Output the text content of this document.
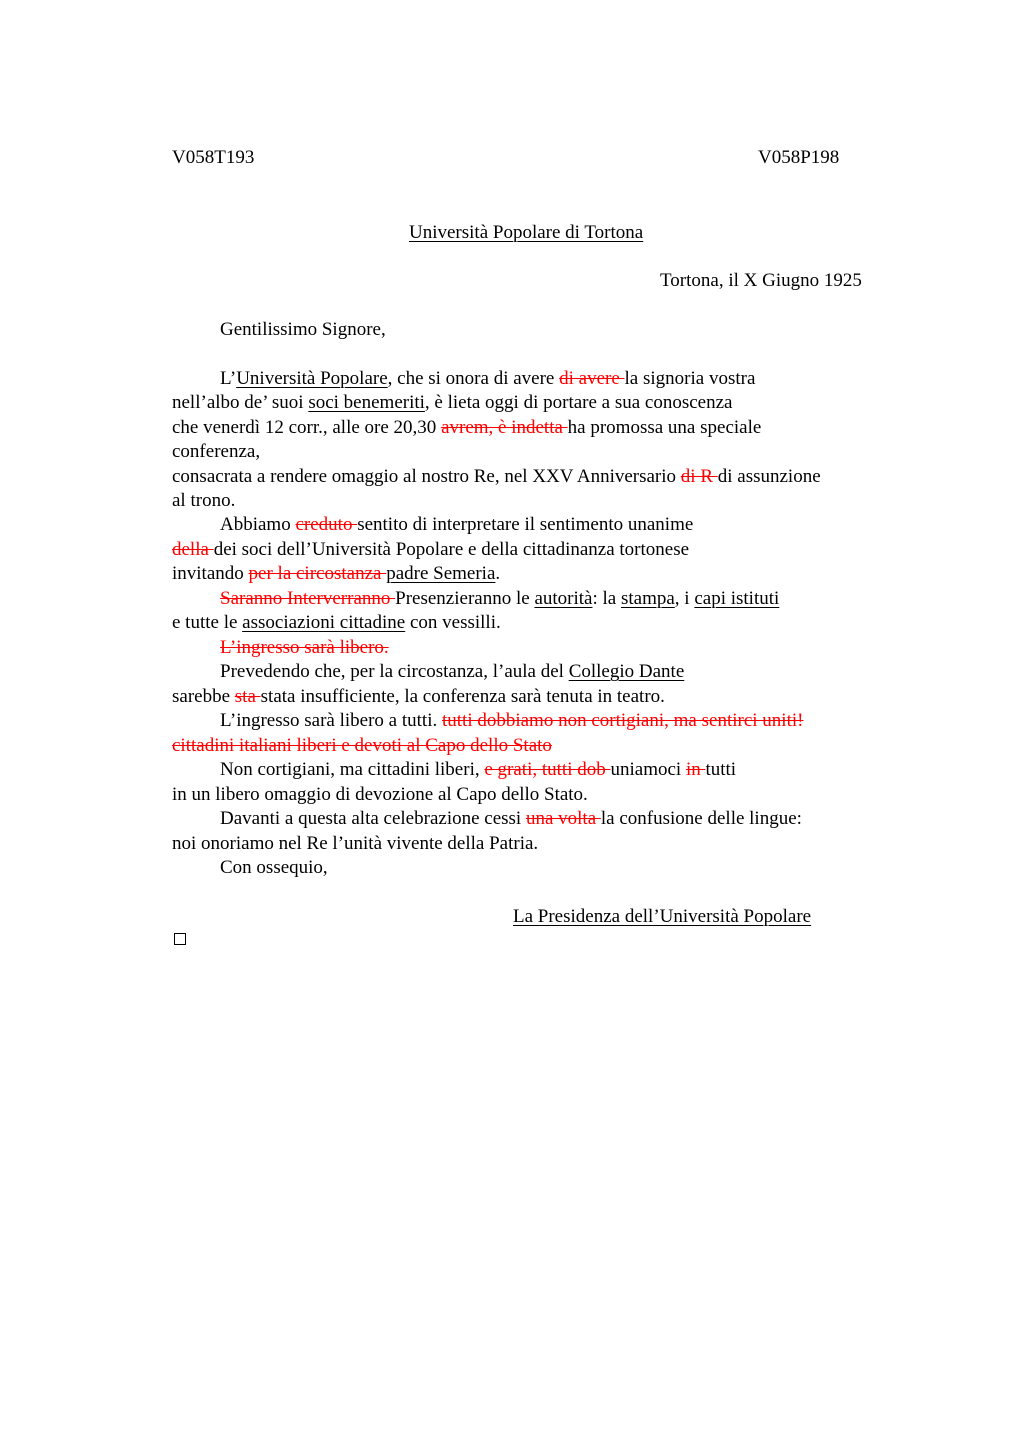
V058T193	V058P198
Università Popolare di Tortona
Tortona, il X Giugno 1925
Gentilissimo Signore,
L’Università Popolare, che si onora di avere di avere la signoria vostra
nell’albo de’ suoi soci benemeriti, è lieta oggi di portare a sua conoscenza
che venerdì 12 corr., alle ore 20,30 avrem, è indetta ha promossa una speciale
conferenza,
consacrata a rendere omaggio al nostro Re, nel XXV Anniversario di R di assunzione
al trono.
Abbiamo creduto sentito di interpretare il sentimento unanime
della dei soci dell’Università Popolare e della cittadinanza tortonese
invitando per la circostanza padre Semeria.
Saranno Interverranno Presenzieranno le autorità: la stampa, i capi istituti
e tutte le associazioni cittadine con vessilli.
L’ingresso sarà libero.
Prevedendo che, per la circostanza, l’aula del Collegio Dante
sarebbe sta stata insufficiente, la conferenza sarà tenuta in teatro.
L’ingresso sarà libero a tutti. tutti dobbiamo non cortigiani, ma sentirci uniti!
cittadini italiani liberi e devoti al Capo dello Stato
Non cortigiani, ma cittadini liberi, e grati, tutti dob uniamoci in tutti
in un libero omaggio di devozione al Capo dello Stato.
Davanti a questa alta celebrazione cessi una volta la confusione delle lingue:
noi onoriamo nel Re l’unità vivente della Patria.
Con ossequio,
La Presidenza dell’Università Popolare
